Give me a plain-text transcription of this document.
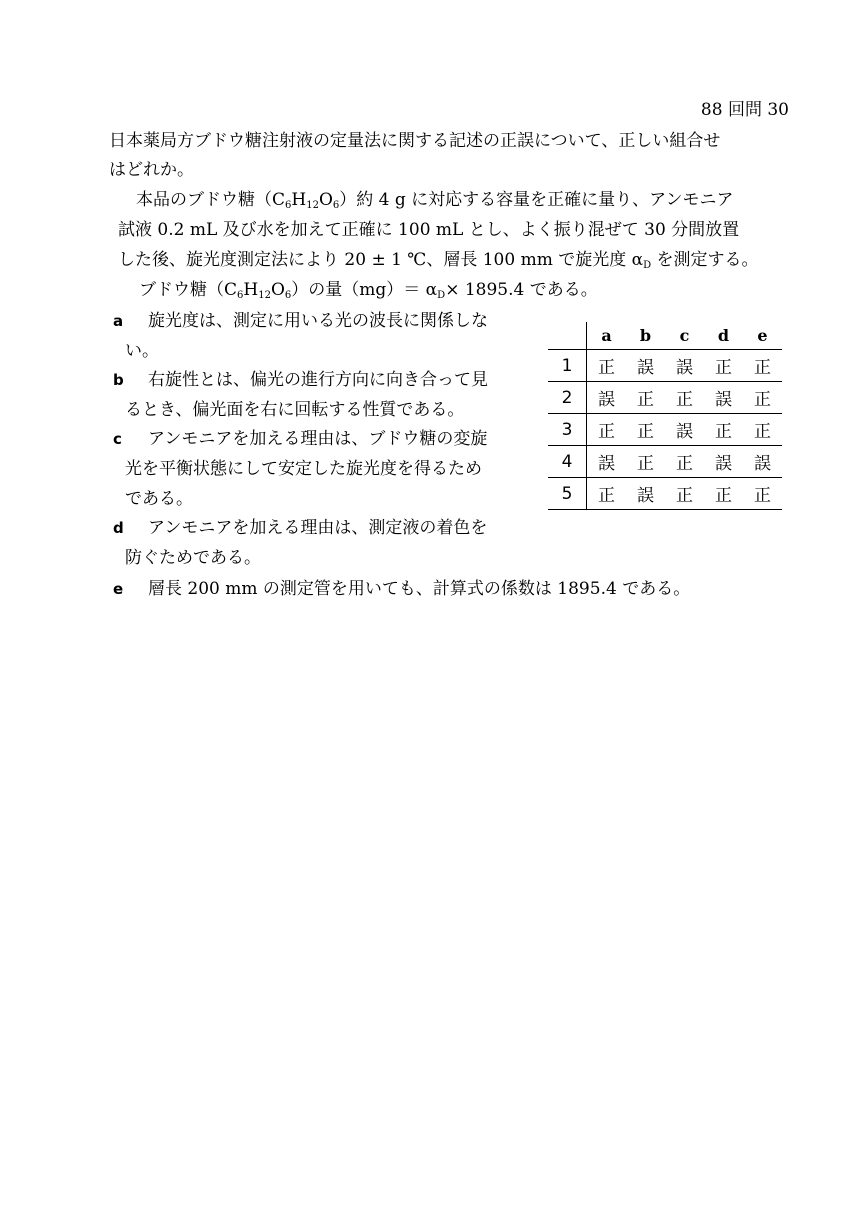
88 回問 30
日本薬局方ブドウ糖注射液の定量法に関する記述の正誤について、正しい組合せ
はどれか。
本品のブドウ糖$(C_6H_{12}O_6)$約 4 g に対応する容量を正確に量り、アンモニア
試液 0.2 mL 及び水を加えて正確に 100 mL とし、よく振り混ぜて 30 分間放置
した後、旋光度測定法により 20 ± 1 ℃、層長 100 mm で旋光度 αD を測定する。
ブドウ糖$(C_6H_{12}O_6)$の量（mg）＝ αD× 1895.4 である。
a 旋光度は、測定に用いる光の波長に関係しな
い。
b 右旋性とは、偏光の進行方向に向き合って見
るとき、偏光面を右に回転する性質である。
c アンモニアを加える理由は、ブドウ糖の変旋
光を平衡状態にして安定した旋光度を得るため
である。
d アンモニアを加える理由は、測定液の着色を
防ぐためである。
e 層長 200 mm の測定管を用いても、計算式の係数は 1895.4 である。
	a	b	c	d	e
1	正	誤	誤	正	正
2	誤	正	正	誤	正
3	正	正	誤	正	正
4	誤	正	正	誤	誤
5	正	誤	正	正	正
